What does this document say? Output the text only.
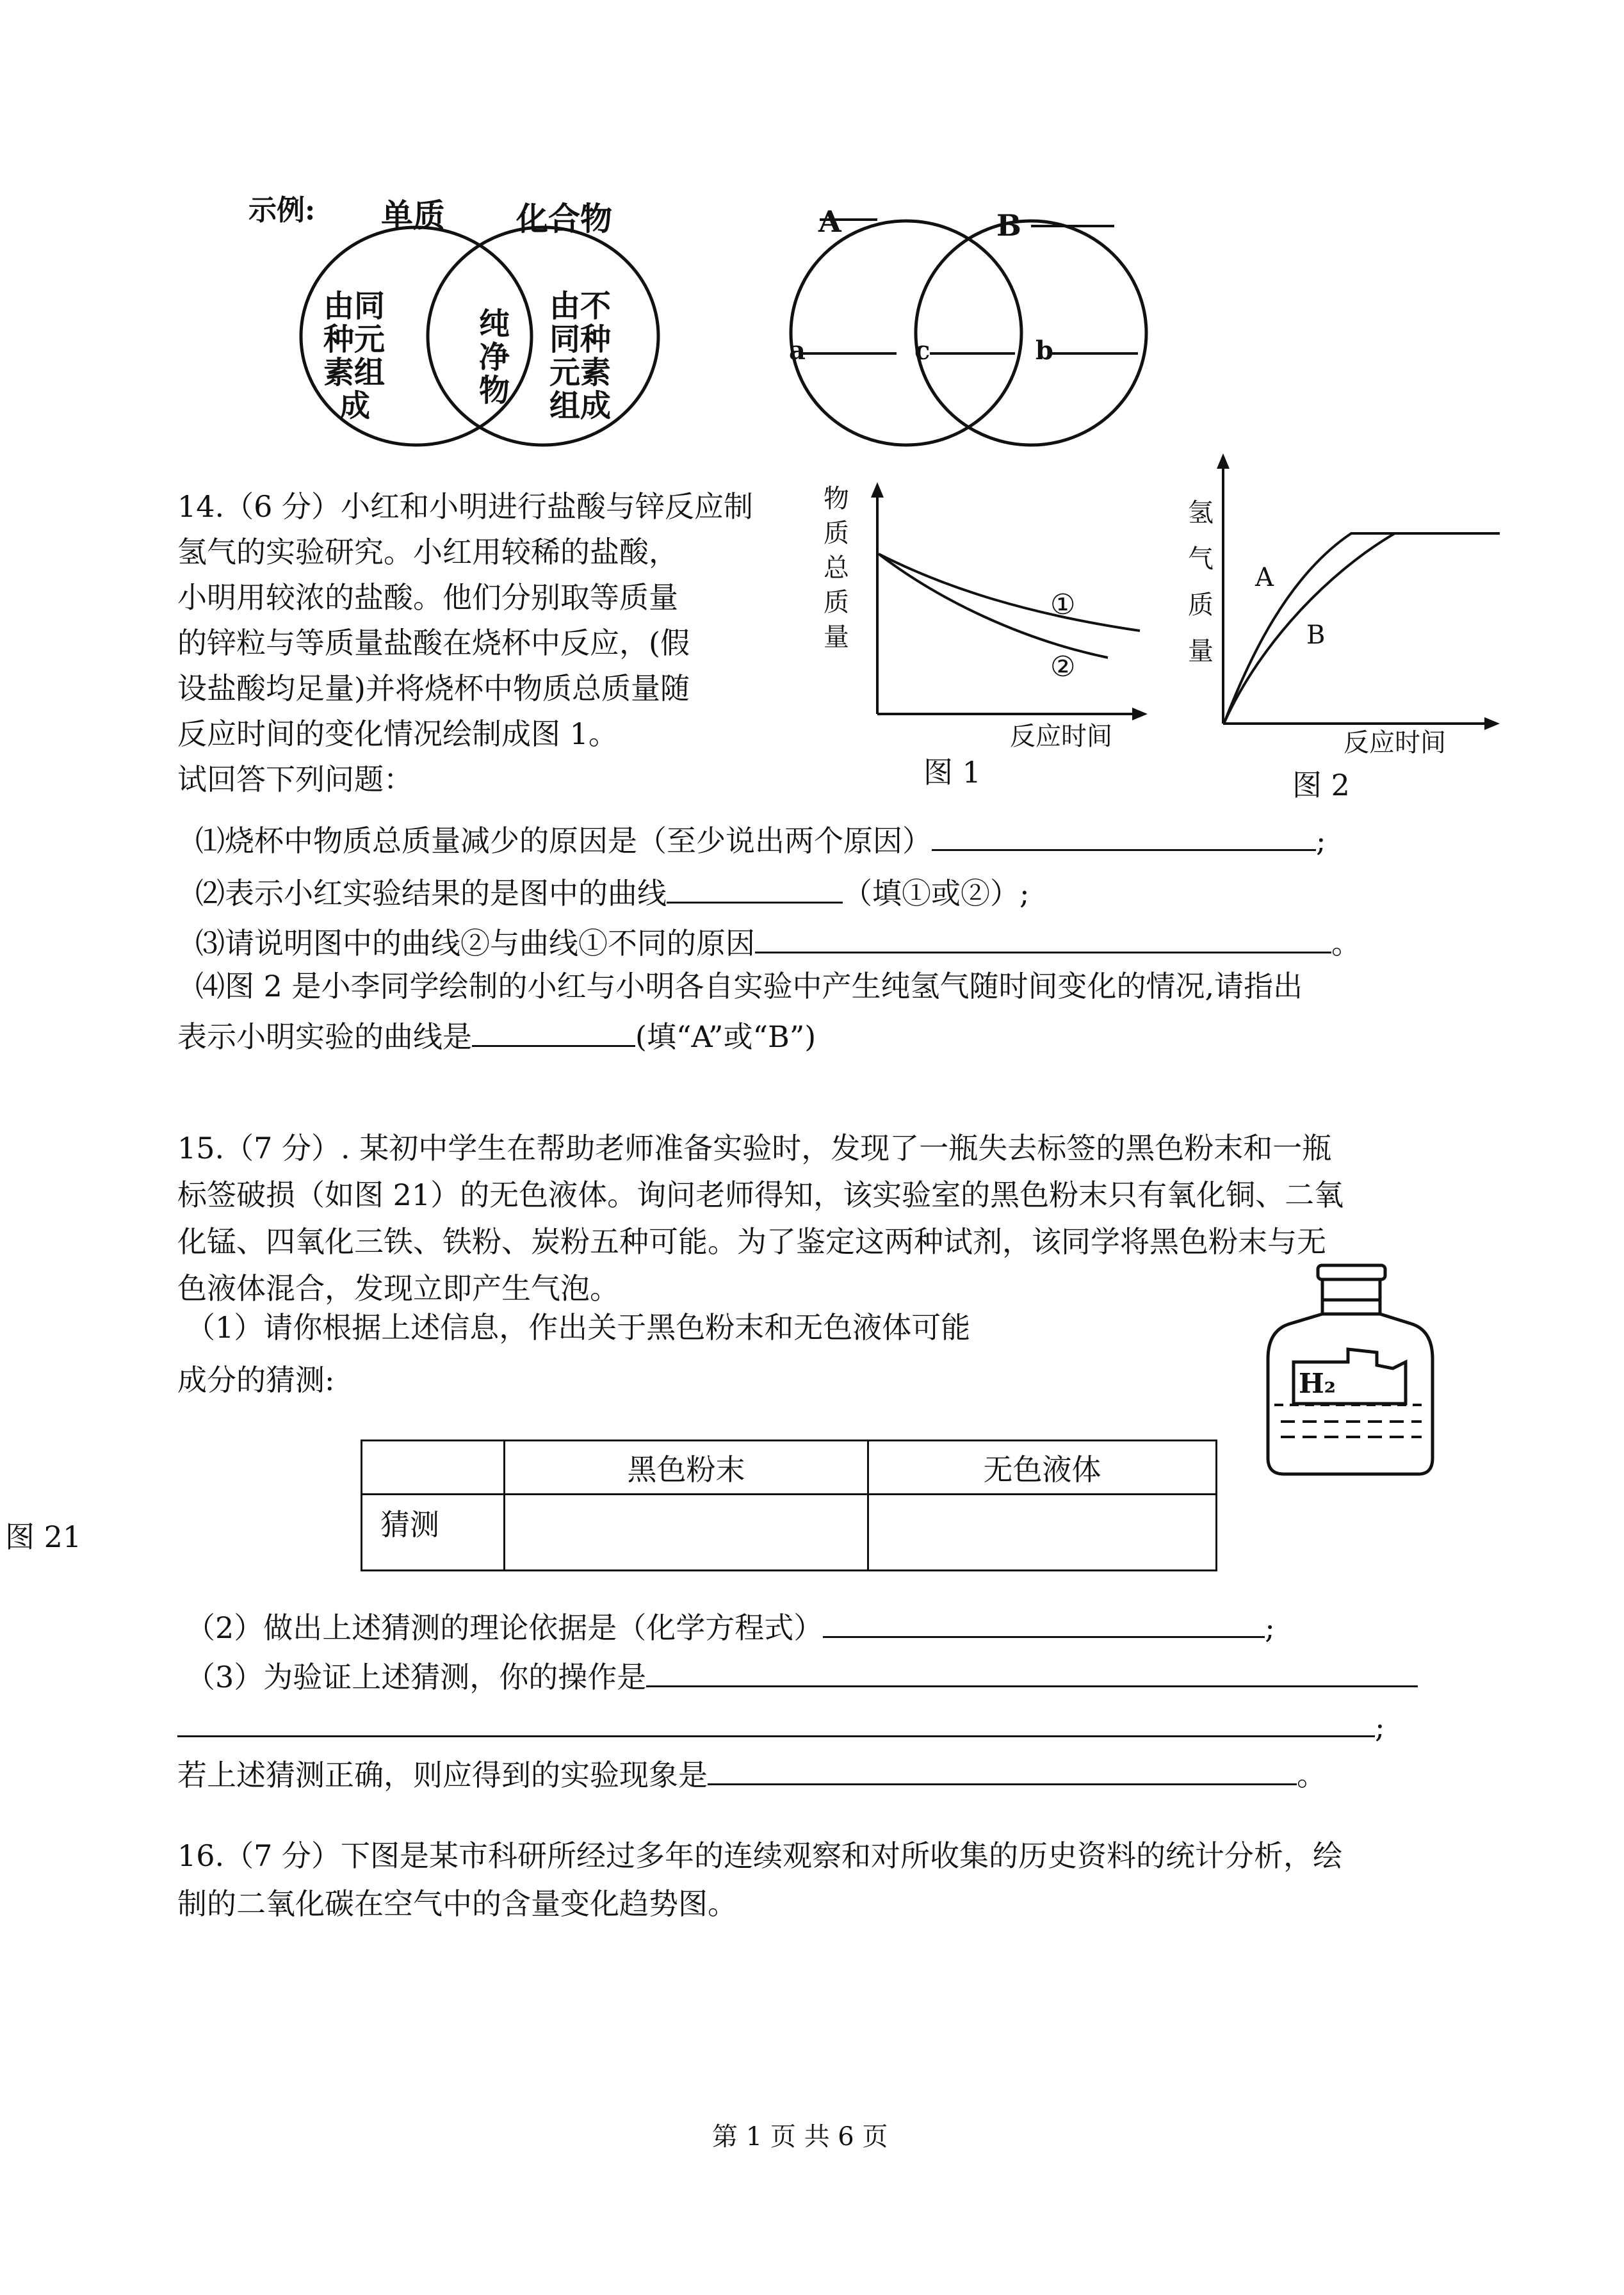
示例: 单质 化合物
由同
种元
素组
成
纯
净
物
由不
同种
元素
组成
A	B
a	c	b
14.（6 分）小红和小明进行盐酸与锌反应制
氢气的实验研究。小红用较稀的盐酸，
小明用较浓的盐酸。他们分别取等质量
的锌粒与等质量盐酸在烧杯中反应，(假
设盐酸均足量)并将烧杯中物质总质量随
反应时间的变化情况绘制成图 1。
试回答下列问题：
物
质
总
质
量
①
②
反应时间
图 1
氢
气
质
量
A
B
反应时间
图 2
⑴烧杯中物质总质量减少的原因是（至少说出两个原因）	;
⑵表示小红实验结果的是图中的曲线	（填①或②）;
⑶请说明图中的曲线②与曲线①不同的原因	。
⑷图 2 是小李同学绘制的小红与小明各自实验中产生纯氢气随时间变化的情况,请指出
表示小明实验的曲线是	(填“A”或“B”)
15.（7 分）. 某初中学生在帮助老师准备实验时，发现了一瓶失去标签的黑色粉末和一瓶
标签破损（如图 21）的无色液体。询问老师得知，该实验室的黑色粉末只有氧化铜、二氧
化锰、四氧化三铁、铁粉、炭粉五种可能。为了鉴定这两种试剂，该同学将黑色粉末与无
色液体混合，发现立即产生气泡。
（1）请你根据上述信息，作出关于黑色粉末和无色液体可能
成分的猜测:	H₂
图 21
	黑色粉末	无色液体
猜测		
（2）做出上述猜测的理论依据是（化学方程式）	;
（3）为验证上述猜测，你的操作是
;
若上述猜测正确，则应得到的实验现象是	。
16.（7 分）下图是某市科研所经过多年的连续观察和对所收集的历史资料的统计分析，绘
制的二氧化碳在空气中的含量变化趋势图。
第 1 页 共 6 页
